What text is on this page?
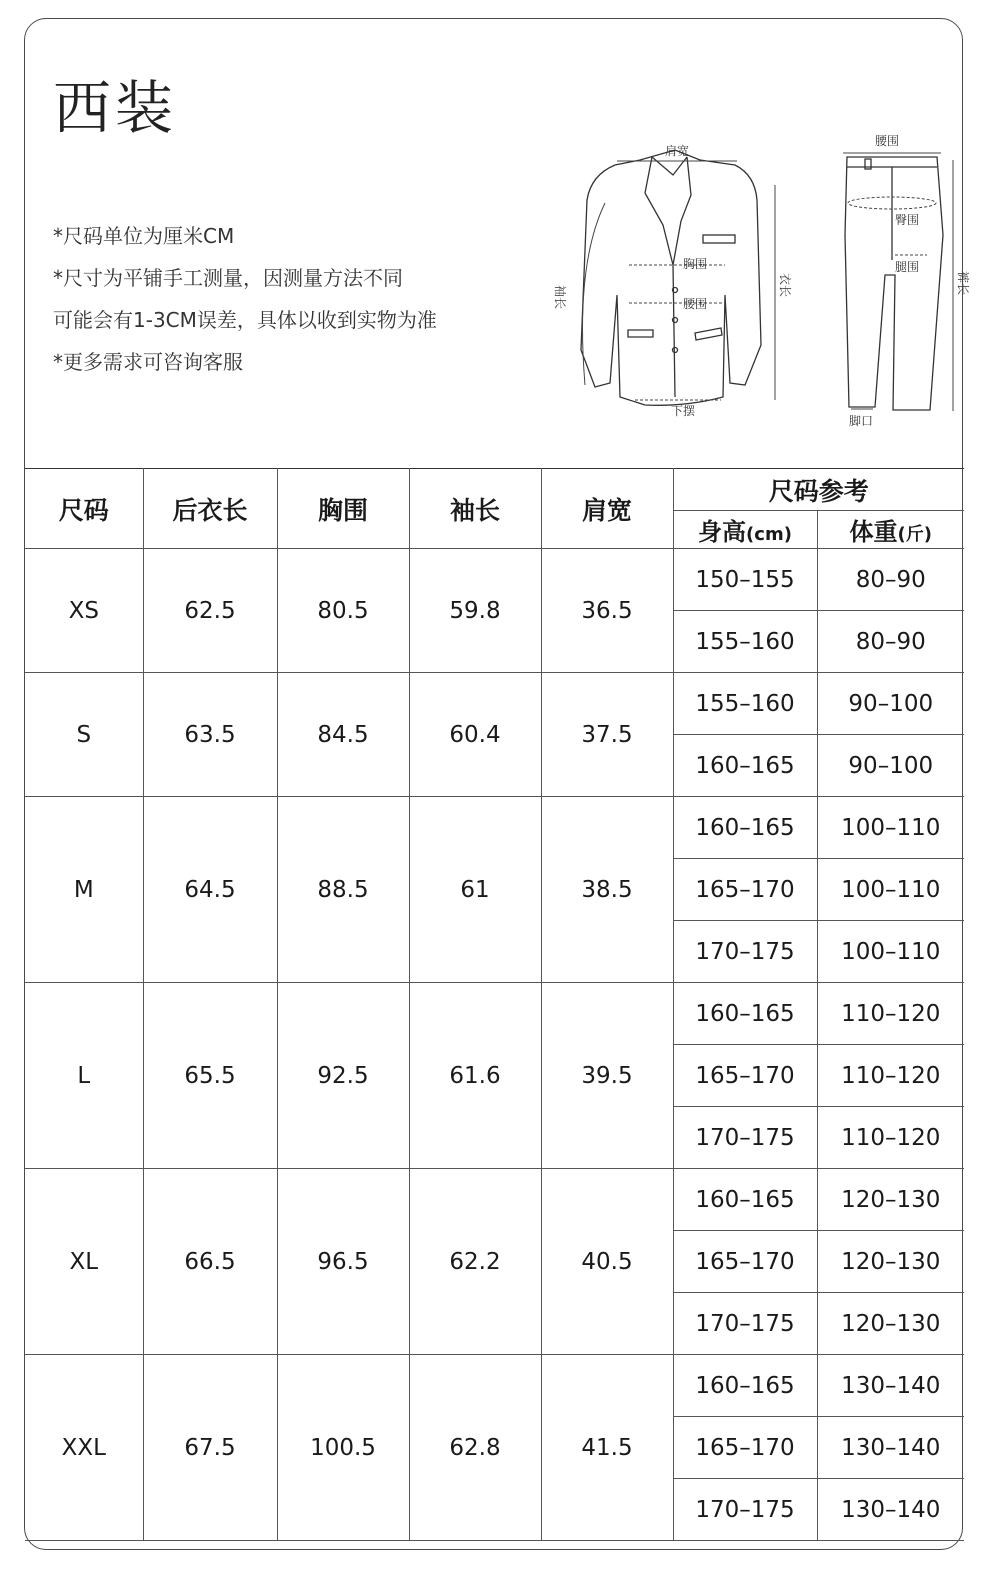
西装
*尺码单位为厘米CM
*尺寸为平铺手工测量，因测量方法不同
可能会有1-3CM误差，具体以收到实物为准
*更多需求可咨询客服
肩宽
胸围
腰围
下摆
袖长	衣长
腰围
臀围
腿围
脚口
裤长
尺码	后衣长	胸围	袖长	肩宽	尺码参考	
					身高(cm)	体重(斤)
XS	62.5	80.5	59.8	36.5	150–155	80–90
					155–160	80–90
S	63.5	84.5	60.4	37.5	155–160	90–100
					160–165	90–100
M	64.5	88.5	61	38.5	160–165	100–110
					165–170	100–110
					170–175	100–110
L	65.5	92.5	61.6	39.5	160–165	110–120
					165–170	110–120
					170–175	110–120
XL	66.5	96.5	62.2	40.5	160–165	120–130
					165–170	120–130
					170–175	120–130
XXL	67.5	100.5	62.8	41.5	160–165	130–140
					165–170	130–140
					170–175	130–140
